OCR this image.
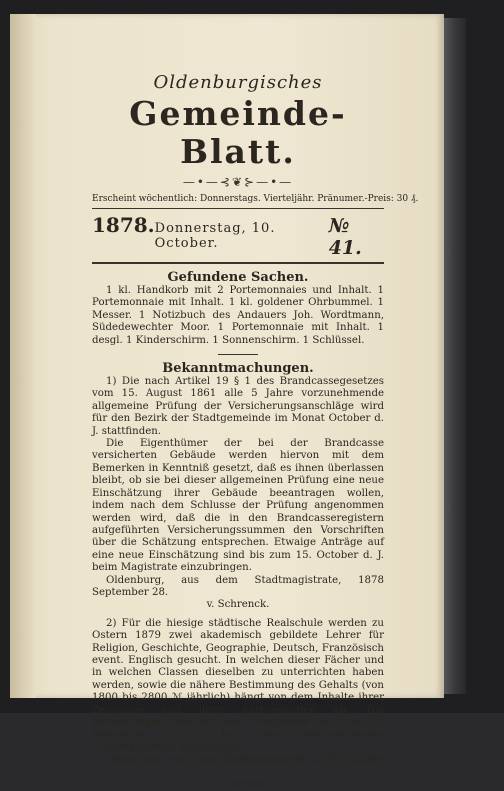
Oldenburgisches
Gemeinde-Blatt.
—•—⊰❦⊱—•—
Erscheint wöchentlich: Donnerstags. Vierteljähr. Pränumer.-Preis: 30 ₰.
1878. Donnerstag, 10. October.
№ 41.
Gefundene Sachen.
1 kl. Handkorb mit 2 Portemonnaies und Inhalt. 1 Portemonnaie mit Inhalt. 1 kl. goldener Ohrbummel. 1 Messer. 1 Notizbuch des Andauers Joh. Wordtmann, Südedewechter Moor. 1 Portemonnaie mit Inhalt. 1 desgl. 1 Kinderschirm. 1 Sonnenschirm. 1 Schlüssel.
Bekanntmachungen.
1) Die nach Artikel 19 § 1 des Brandcassegesetzes vom 15. August 1861 alle 5 Jahre vorzunehmende allgemeine Prüfung der Versicherungsanschläge wird für den Bezirk der Stadtgemeinde im Monat October d. J. stattfinden.
Die Eigenthümer der bei der Brandcasse versicherten Gebäude werden hiervon mit dem Bemerken in Kenntniß gesetzt, daß es ihnen überlassen bleibt, ob sie bei dieser allgemeinen Prüfung eine neue Einschätzung ihrer Gebäude beeantragen wollen, indem nach dem Schlusse der Prüfung angenommen werden wird, daß die in den Brandcasseregistern aufgeführten Versicherungssummen den Vorschriften über die Schätzung entsprechen. Etwaige Anträge auf eine neue Einschätzung sind bis zum 15. October d. J. beim Magistrate einzubringen.
Oldenburg, aus dem Stadtmagistrate, 1878 September 28.
v. Schrenck.
2) Für die hiesige städtische Realschule werden zu Ostern 1879 zwei akademisch gebildete Lehrer für Religion, Geschichte, Geographie, Deutsch, Französisch event. Englisch gesucht. In welchen dieser Fächer und in welchen Classen dieselben zu unterrichten haben werden, sowie die nähere Bestimmung des Gehalts (von 1800 bis 2800 ℳ jährlich) hängt von dem Inhalte ihrer Zeugnisse und ihrer Antecedentien ab. Die Bewerbungen sind mit den Zeugnissen bis zum 15. November d. J. bei dem unterzeichneten Stadtmagistrate einzugeben.
Oldenburg, aus dem Stadtmagistrate 1878 October 2.
v. Schrenck.
